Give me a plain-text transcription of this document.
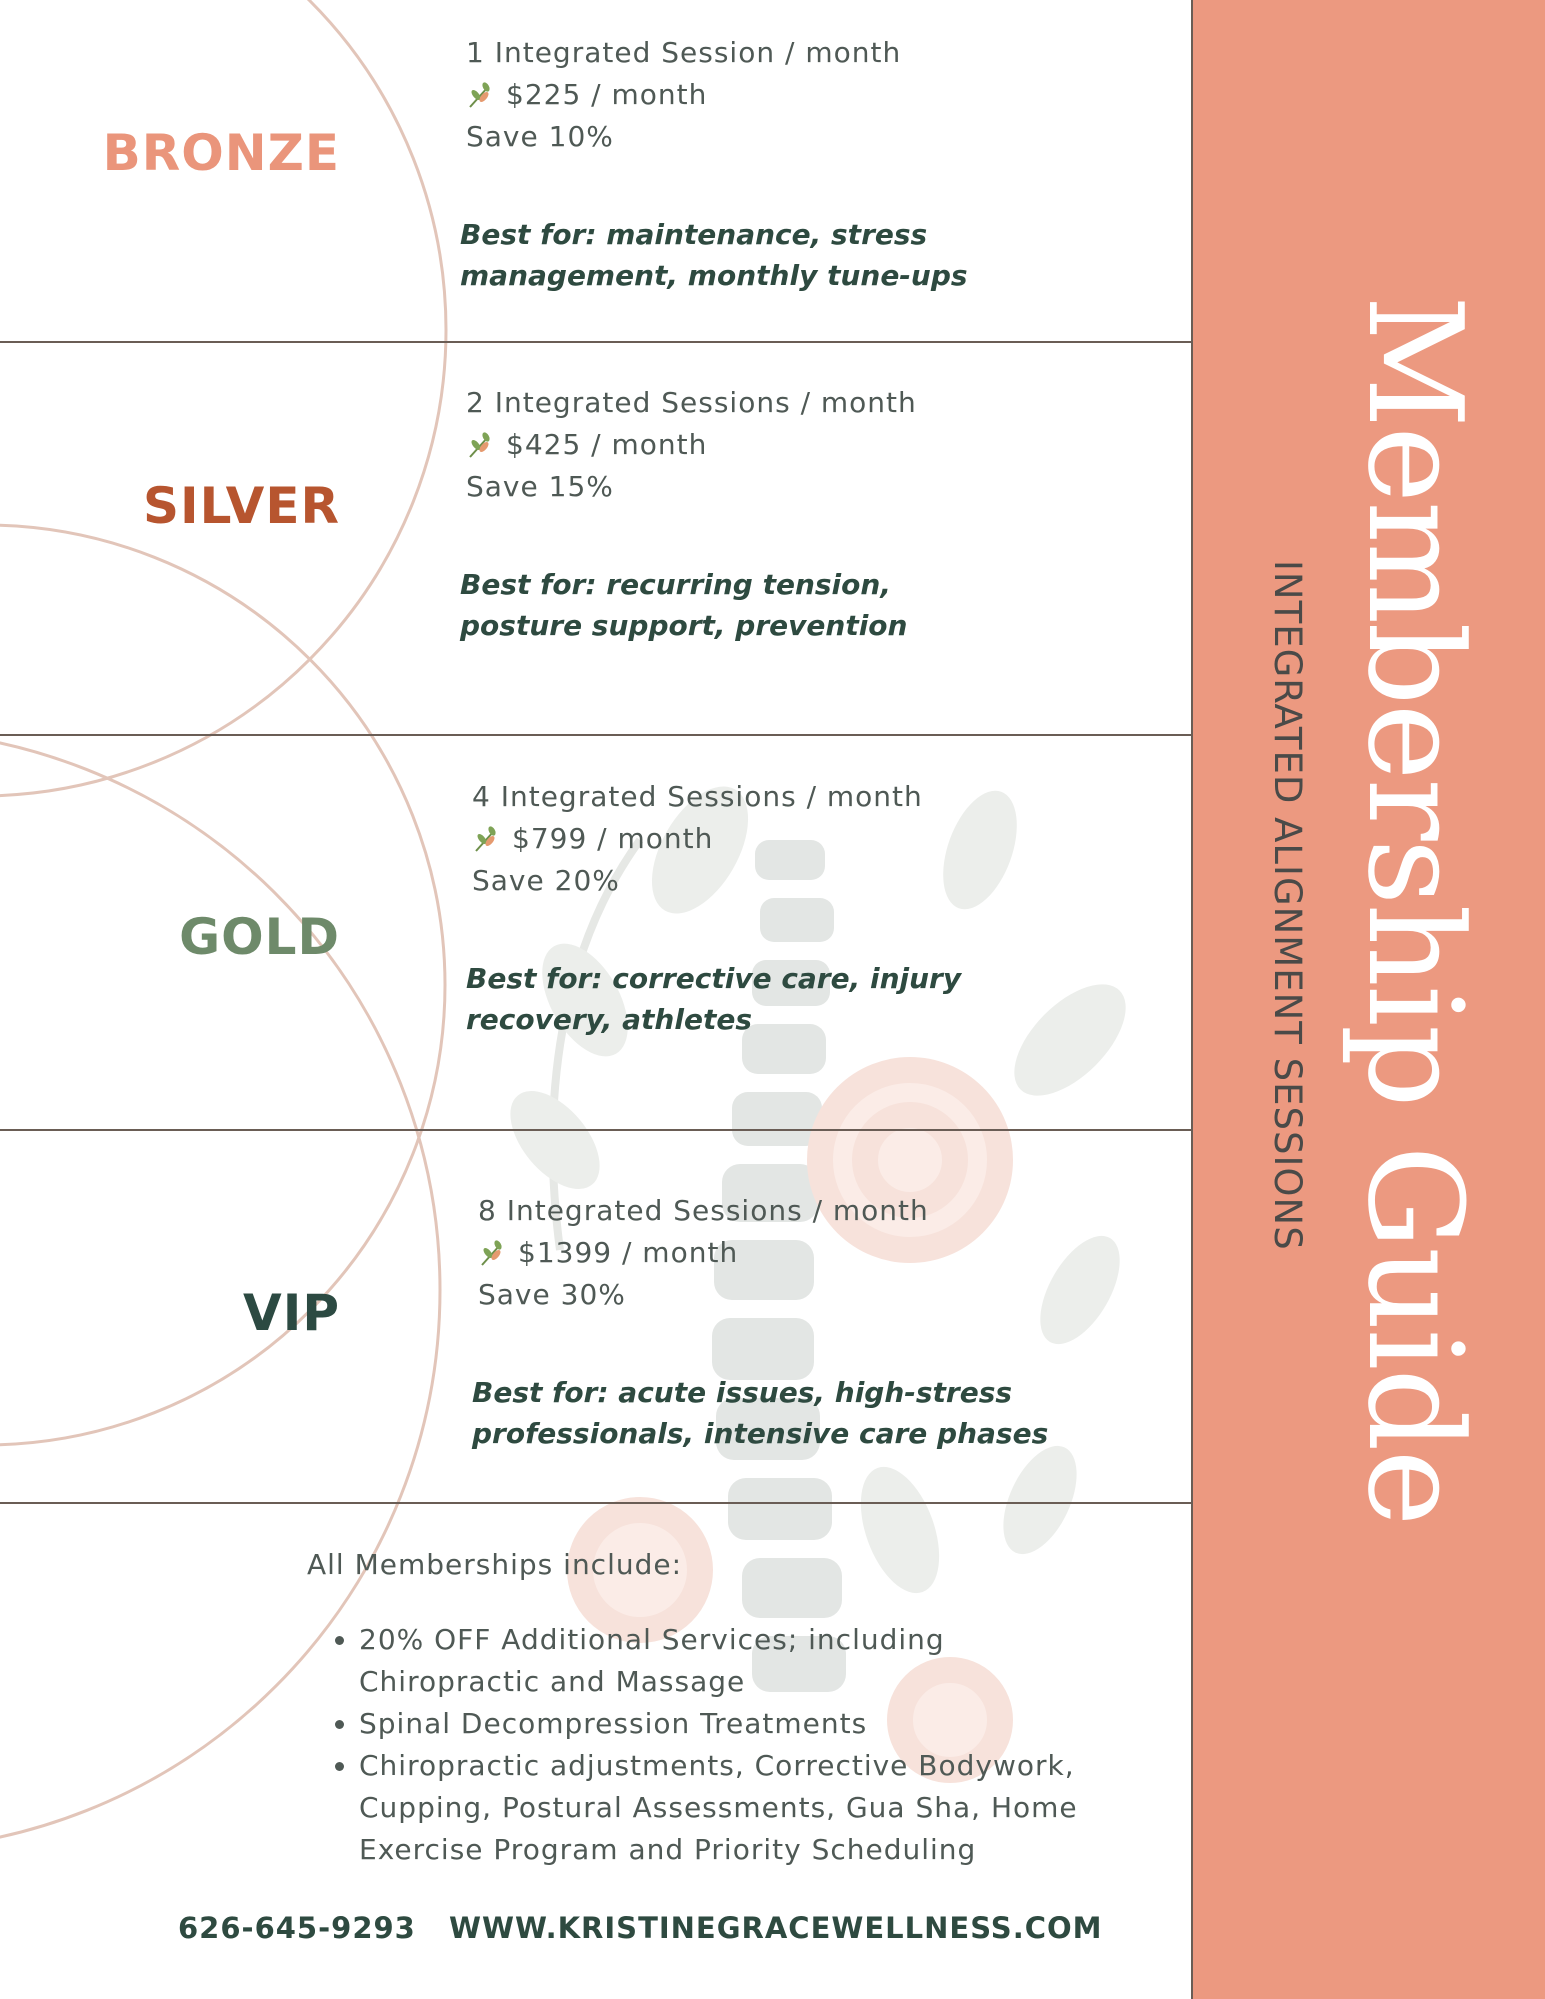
Membership Guide
INTEGRATED ALIGNMENT SESSIONS
BRONZE
1 Integrated Session / month
$225 / month
Save 10%
Best for: maintenance, stress
management, monthly tune-ups
SILVER
2 Integrated Sessions / month
$425 / month
Save 15%
Best for: recurring tension,
posture support, prevention
GOLD
4 Integrated Sessions / month
$799 / month
Save 20%
Best for: corrective care, injury
recovery, athletes
VIP
8 Integrated Sessions / month
$1399 / month
Save 30%
Best for: acute issues, high-stress
professionals, intensive care phases
All Memberships include:
• 20% OFF Additional Services; including
Chiropractic and Massage
• Spinal Decompression Treatments
• Chiropractic adjustments, Corrective Bodywork,
Cupping, Postural Assessments, Gua Sha, Home
Exercise Program and Priority Scheduling
626-645-9293 WWW.KRISTINEGRACEWELLNESS.COM
